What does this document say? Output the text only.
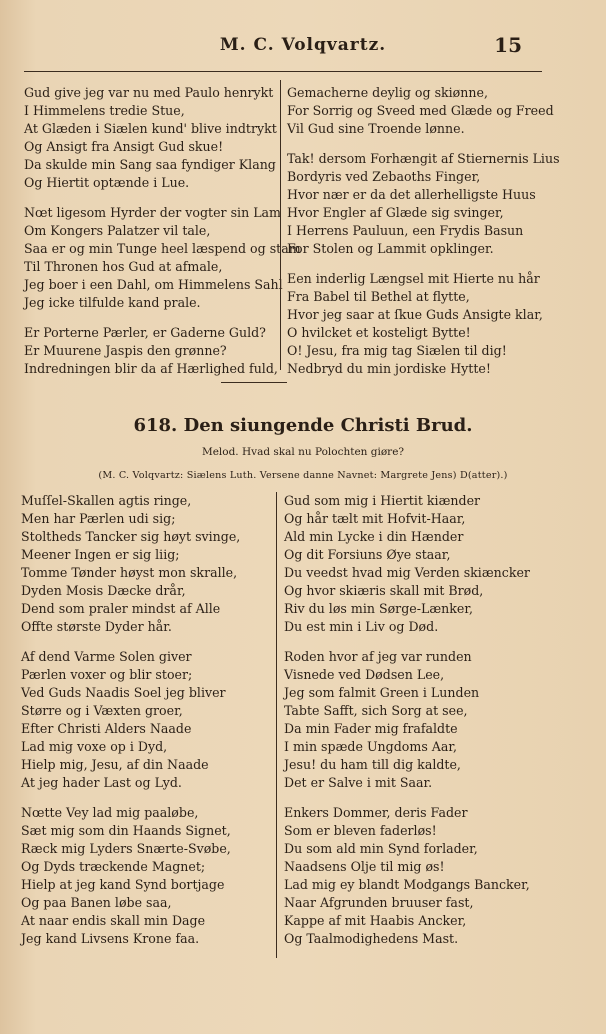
M. C. Volqvartz.	15
Gud give jeg var nu med Paulo henrykt
I Himmelens tredie Stue,
At Glæden i Siælen kund' blive indtrykt
Og Ansigt fra Ansigt Gud skue!
Da skulde min Sang saa fyndiger Klang
Og Hiertit optænde i Lue.
Nœt ligesom Hyrder der vogter sin Lam
Om Kongers Palatzer vil tale,
Saa er og min Tunge heel læspend og stam
Til Thronen hos Gud at afmale,
Jeg boer i een Dahl, om Himmelens Sahl
Jeg icke tilfulde kand prale.
Er Porterne Pærler, er Gaderne Guld?
Er Muurene Jaspis den grønne?
Indredningen blir da af Hærlighed fuld,
Gemacherne deylig og skiønne,
For Sorrig og Sveed med Glæde og Freed
Vil Gud sine Troende lønne.
Tak! dersom Forhængit af Stiernernis Lius
Bordyris ved Zebaoths Finger,
Hvor nær er da det allerhelligste Huus
Hvor Engler af Glæde sig svinger,
I Herrens Pauluun, een Frydis Basun
For Stolen og Lammit opklinger.
Een inderlig Længsel mit Hierte nu hår
Fra Babel til Bethel at flytte,
Hvor jeg saar at ſkue Guds Ansigte klar,
O hvilcket et kosteligt Bytte!
O! Jesu, fra mig tag Siælen til dig!
Nedbryd du min jordiske Hytte!
618. Den siungende Christi Brud.
Melod. Hvad skal nu Polochten giøre?
(M. C. Volqvartz: Siælens Luth. Versene danne Navnet: Margrete Jens) D(atter).)
Muſſel-Skallen agtis ringe,
Men har Pærlen udi sig;
Stoltheds Tancker sig høyt svinge,
Meener Ingen er sig liig;
Tomme Tønder høyst mon skralle,
Dyden Mosis Dæcke drår,
Dend som praler mindst af Alle
Offte største Dyder hår.
Af dend Varme Solen giver
Pærlen voxer og blir stoer;
Ved Guds Naadis Soel jeg bliver
Større og i Væxten groer,
Efter Christi Alders Naade
Lad mig voxe op i Dyd,
Hielp mig, Jesu, af din Naade
At jeg hader Last og Lyd.
Nœtte Vey lad mig paaløbe,
Sæt mig som din Haands Signet,
Ræck mig Lyders Snærte-Svøbe,
Og Dyds træckende Magnet;
Hielp at jeg kand Synd bortjage
Og paa Banen løbe saa,
At naar endis skall min Dage
Jeg kand Livsens Krone faa.
Gud som mig i Hiertit kiænder
Og hår tælt mit Hofvit-Haar,
Ald min Lycke i din Hænder
Og dit Forsiuns Øye staar,
Du veedst hvad mig Verden skiæncker
Og hvor skiæris skall mit Brød,
Riv du løs min Sørge-Lænker,
Du est min i Liv og Død.
Roden hvor af jeg var runden
Visnede ved Dødsen Lee,
Jeg som falmit Green i Lunden
Tabte Safft, sich Sorg at see,
Da min Fader mig frafaldte
I min spæde Ungdoms Aar,
Jesu! du ham till dig kaldte,
Det er Salve i mit Saar.
Enkers Dommer, deris Fader
Som er bleven faderløs!
Du som ald min Synd forlader,
Naadsens Olje til mig øs!
Lad mig ey blandt Modgangs Bancker,
Naar Afgrunden bruuser fast,
Kappe af mit Haabis Ancker,
Og Taalmodighedens Mast.
